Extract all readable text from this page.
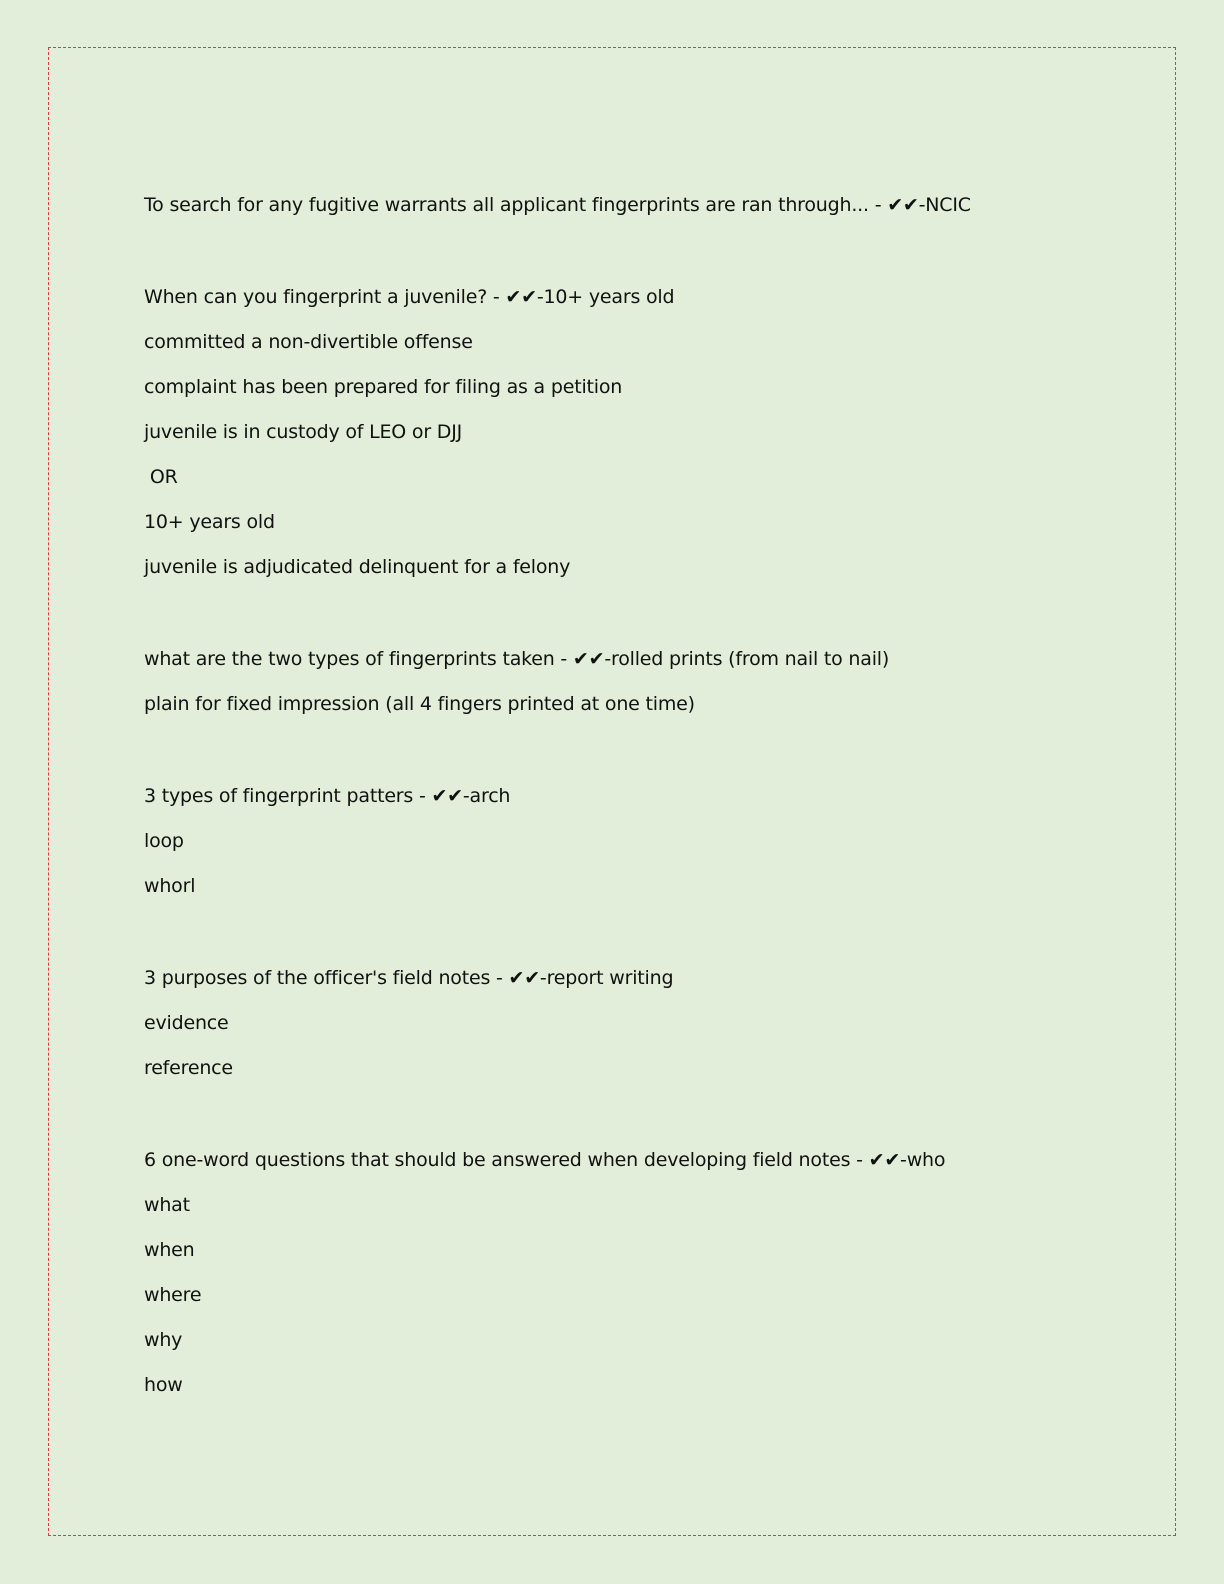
To search for any fugitive warrants all applicant fingerprints are ran through... - ✔✔-NCIC
When can you fingerprint a juvenile? - ✔✔-10+ years old
committed a non-divertible offense
complaint has been prepared for filing as a petition
juvenile is in custody of LEO or DJJ
OR
10+ years old
juvenile is adjudicated delinquent for a felony
what are the two types of fingerprints taken - ✔✔-rolled prints (from nail to nail)
plain for fixed impression (all 4 fingers printed at one time)
3 types of fingerprint patters - ✔✔-arch
loop
whorl
3 purposes of the officer's field notes - ✔✔-report writing
evidence
reference
6 one-word questions that should be answered when developing field notes - ✔✔-who
what
when
where
why
how
